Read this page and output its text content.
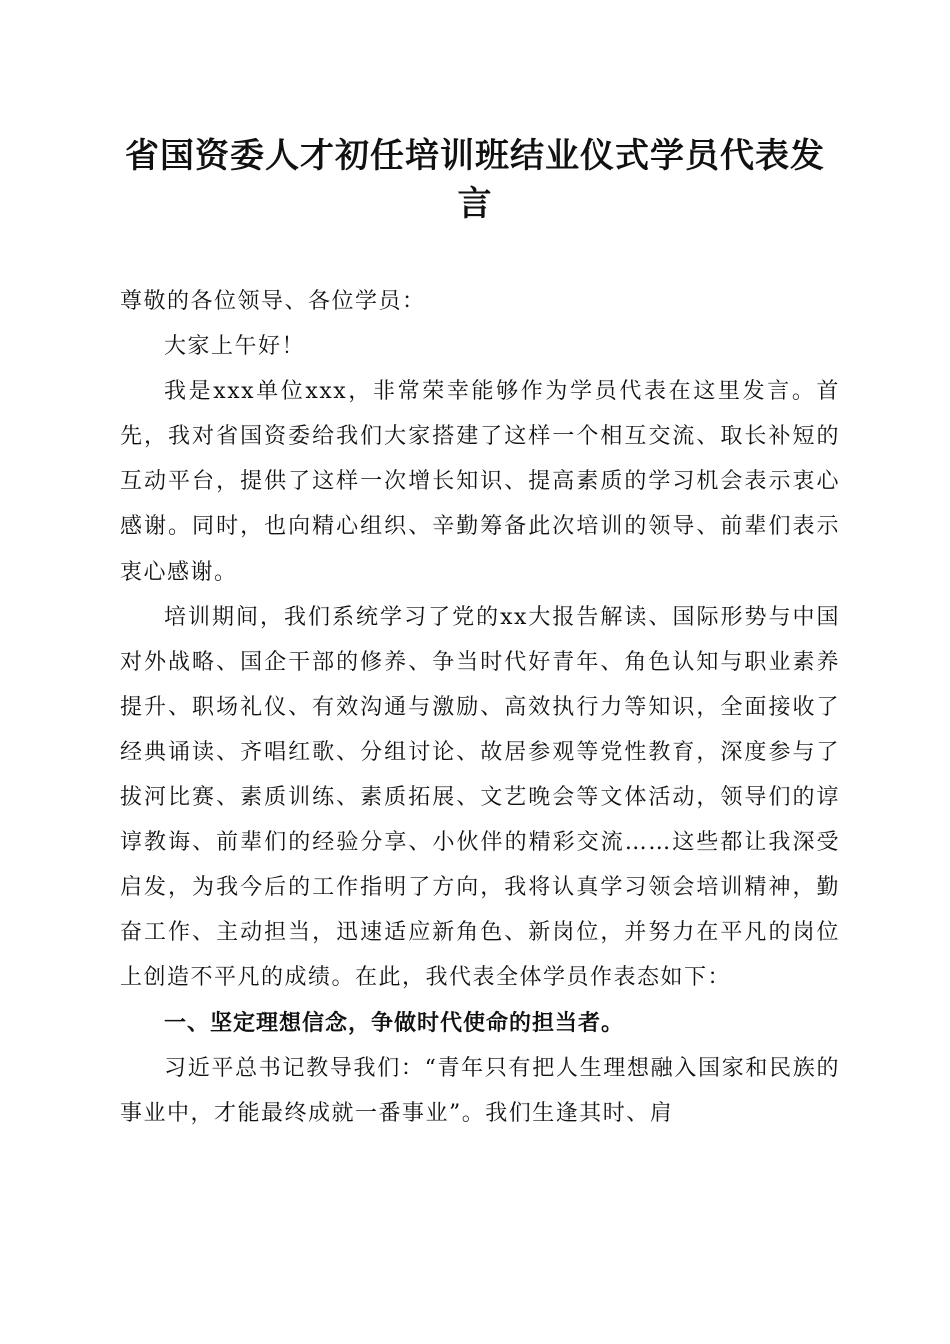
省国资委人才初任培训班结业仪式学员代表发言

尊敬的各位领导、各位学员：

大家上午好！

我是xxx单位xxx，非常荣幸能够作为学员代表在这里发言。首先，我对省国资委给我们大家搭建了这样一个相互交流、取长补短的互动平台，提供了这样一次增长知识、提高素质的学习机会表示衷心感谢。同时，也向精心组织、辛勤筹备此次培训的领导、前辈们表示衷心感谢。

培训期间，我们系统学习了党的xx大报告解读、国际形势与中国对外战略、国企干部的修养、争当时代好青年、角色认知与职业素养提升、职场礼仪、有效沟通与激励、高效执行力等知识，全面接收了经典诵读、齐唱红歌、分组讨论、故居参观等党性教育，深度参与了拔河比赛、素质训练、素质拓展、文艺晚会等文体活动，领导们的谆谆教诲、前辈们的经验分享、小伙伴的精彩交流……这些都让我深受启发，为我今后的工作指明了方向，我将认真学习领会培训精神，勤奋工作、主动担当，迅速适应新角色、新岗位，并努力在平凡的岗位上创造不平凡的成绩。在此，我代表全体学员作表态如下：

一、坚定理想信念，争做时代使命的担当者。

习近平总书记教导我们：“青年只有把人生理想融入国家和民族的事业中，才能最终成就一番事业”。我们生逢其时、肩
